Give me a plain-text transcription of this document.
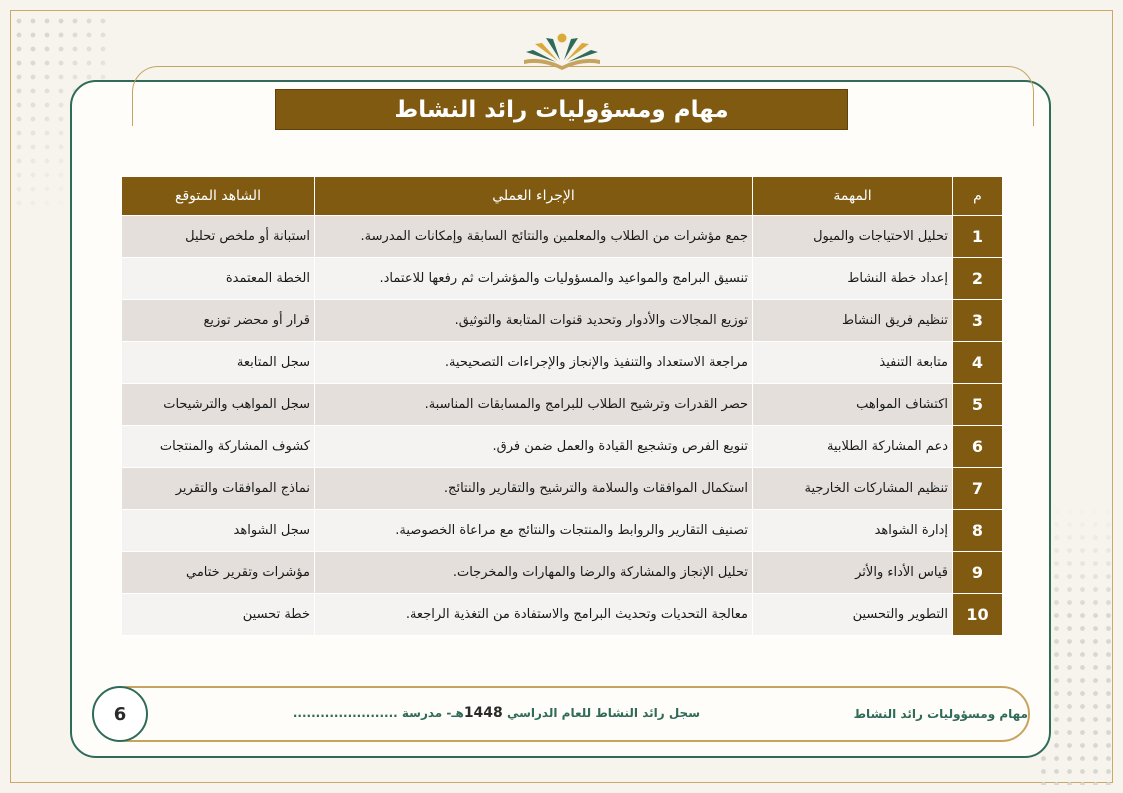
مهام ومسؤوليات رائد النشاط
م	المهمة	الإجراء العملي	الشاهد المتوقع
1	تحليل الاحتياجات والميول	جمع مؤشرات من الطلاب والمعلمين والنتائج السابقة وإمكانات المدرسة.	استبانة أو ملخص تحليل
2	إعداد خطة النشاط	تنسيق البرامج والمواعيد والمسؤوليات والمؤشرات ثم رفعها للاعتماد.	الخطة المعتمدة
3	تنظيم فريق النشاط	توزيع المجالات والأدوار وتحديد قنوات المتابعة والتوثيق.	قرار أو محضر توزيع
4	متابعة التنفيذ	مراجعة الاستعداد والتنفيذ والإنجاز والإجراءات التصحيحية.	سجل المتابعة
5	اكتشاف المواهب	حصر القدرات وترشيح الطلاب للبرامج والمسابقات المناسبة.	سجل المواهب والترشيحات
6	دعم المشاركة الطلابية	تنويع الفرص وتشجيع القيادة والعمل ضمن فرق.	كشوف المشاركة والمنتجات
7	تنظيم المشاركات الخارجية	استكمال الموافقات والسلامة والترشيح والتقارير والنتائج.	نماذج الموافقات والتقرير
8	إدارة الشواهد	تصنيف التقارير والروابط والمنتجات والنتائج مع مراعاة الخصوصية.	سجل الشواهد
9	قياس الأداء والأثر	تحليل الإنجاز والمشاركة والرضا والمهارات والمخرجات.	مؤشرات وتقرير ختامي
10	التطوير والتحسين	معالجة التحديات وتحديث البرامج والاستفادة من التغذية الراجعة.	خطة تحسين
6	سجل رائد النشاط للعام الدراسي 1448هـ- مدرسة .......................	مهام ومسؤوليات رائد النشاط
